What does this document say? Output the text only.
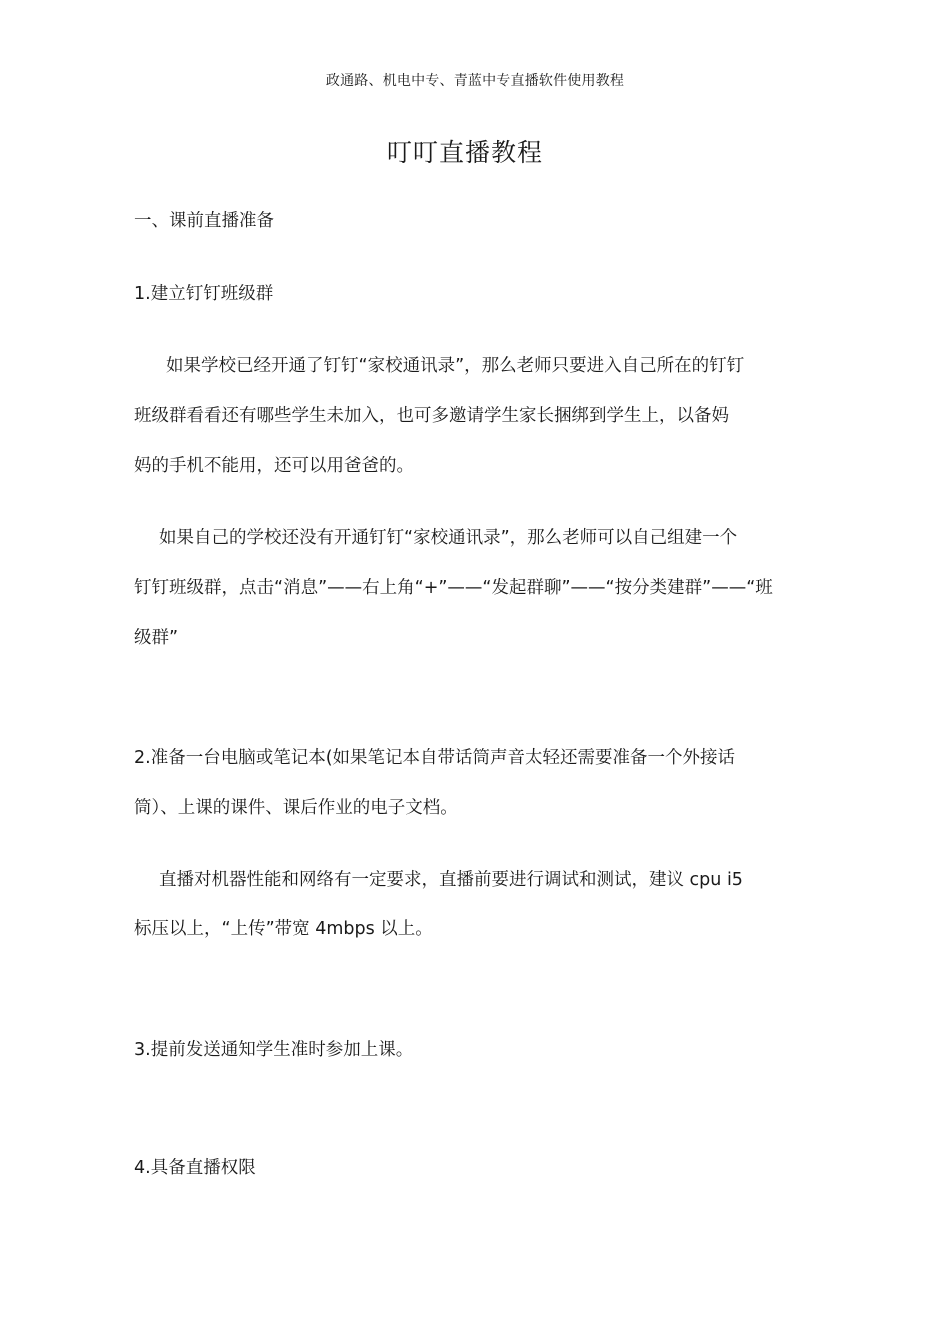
政通路、机电中专、青蓝中专直播软件使用教程
叮叮直播教程
一、课前直播准备
1.建立钉钉班级群
如果学校已经开通了钉钉“家校通讯录”，那么老师只要进入自己所在的钉钉
班级群看看还有哪些学生未加入，也可多邀请学生家长捆绑到学生上，以备妈
妈的手机不能用，还可以用爸爸的。
如果自己的学校还没有开通钉钉“家校通讯录”，那么老师可以自己组建一个
钉钉班级群，点击“消息”——右上角“+”——“发起群聊”——“按分类建群”——“班
级群”
2.准备一台电脑或笔记本(如果笔记本自带话筒声音太轻还需要准备一个外接话
筒）、上课的课件、课后作业的电子文档。
直播对机器性能和网络有一定要求，直播前要进行调试和测试，建议 cpu i5
标压以上，“上传”带宽 4mbps 以上。
3.提前发送通知学生准时参加上课。
4.具备直播权限
